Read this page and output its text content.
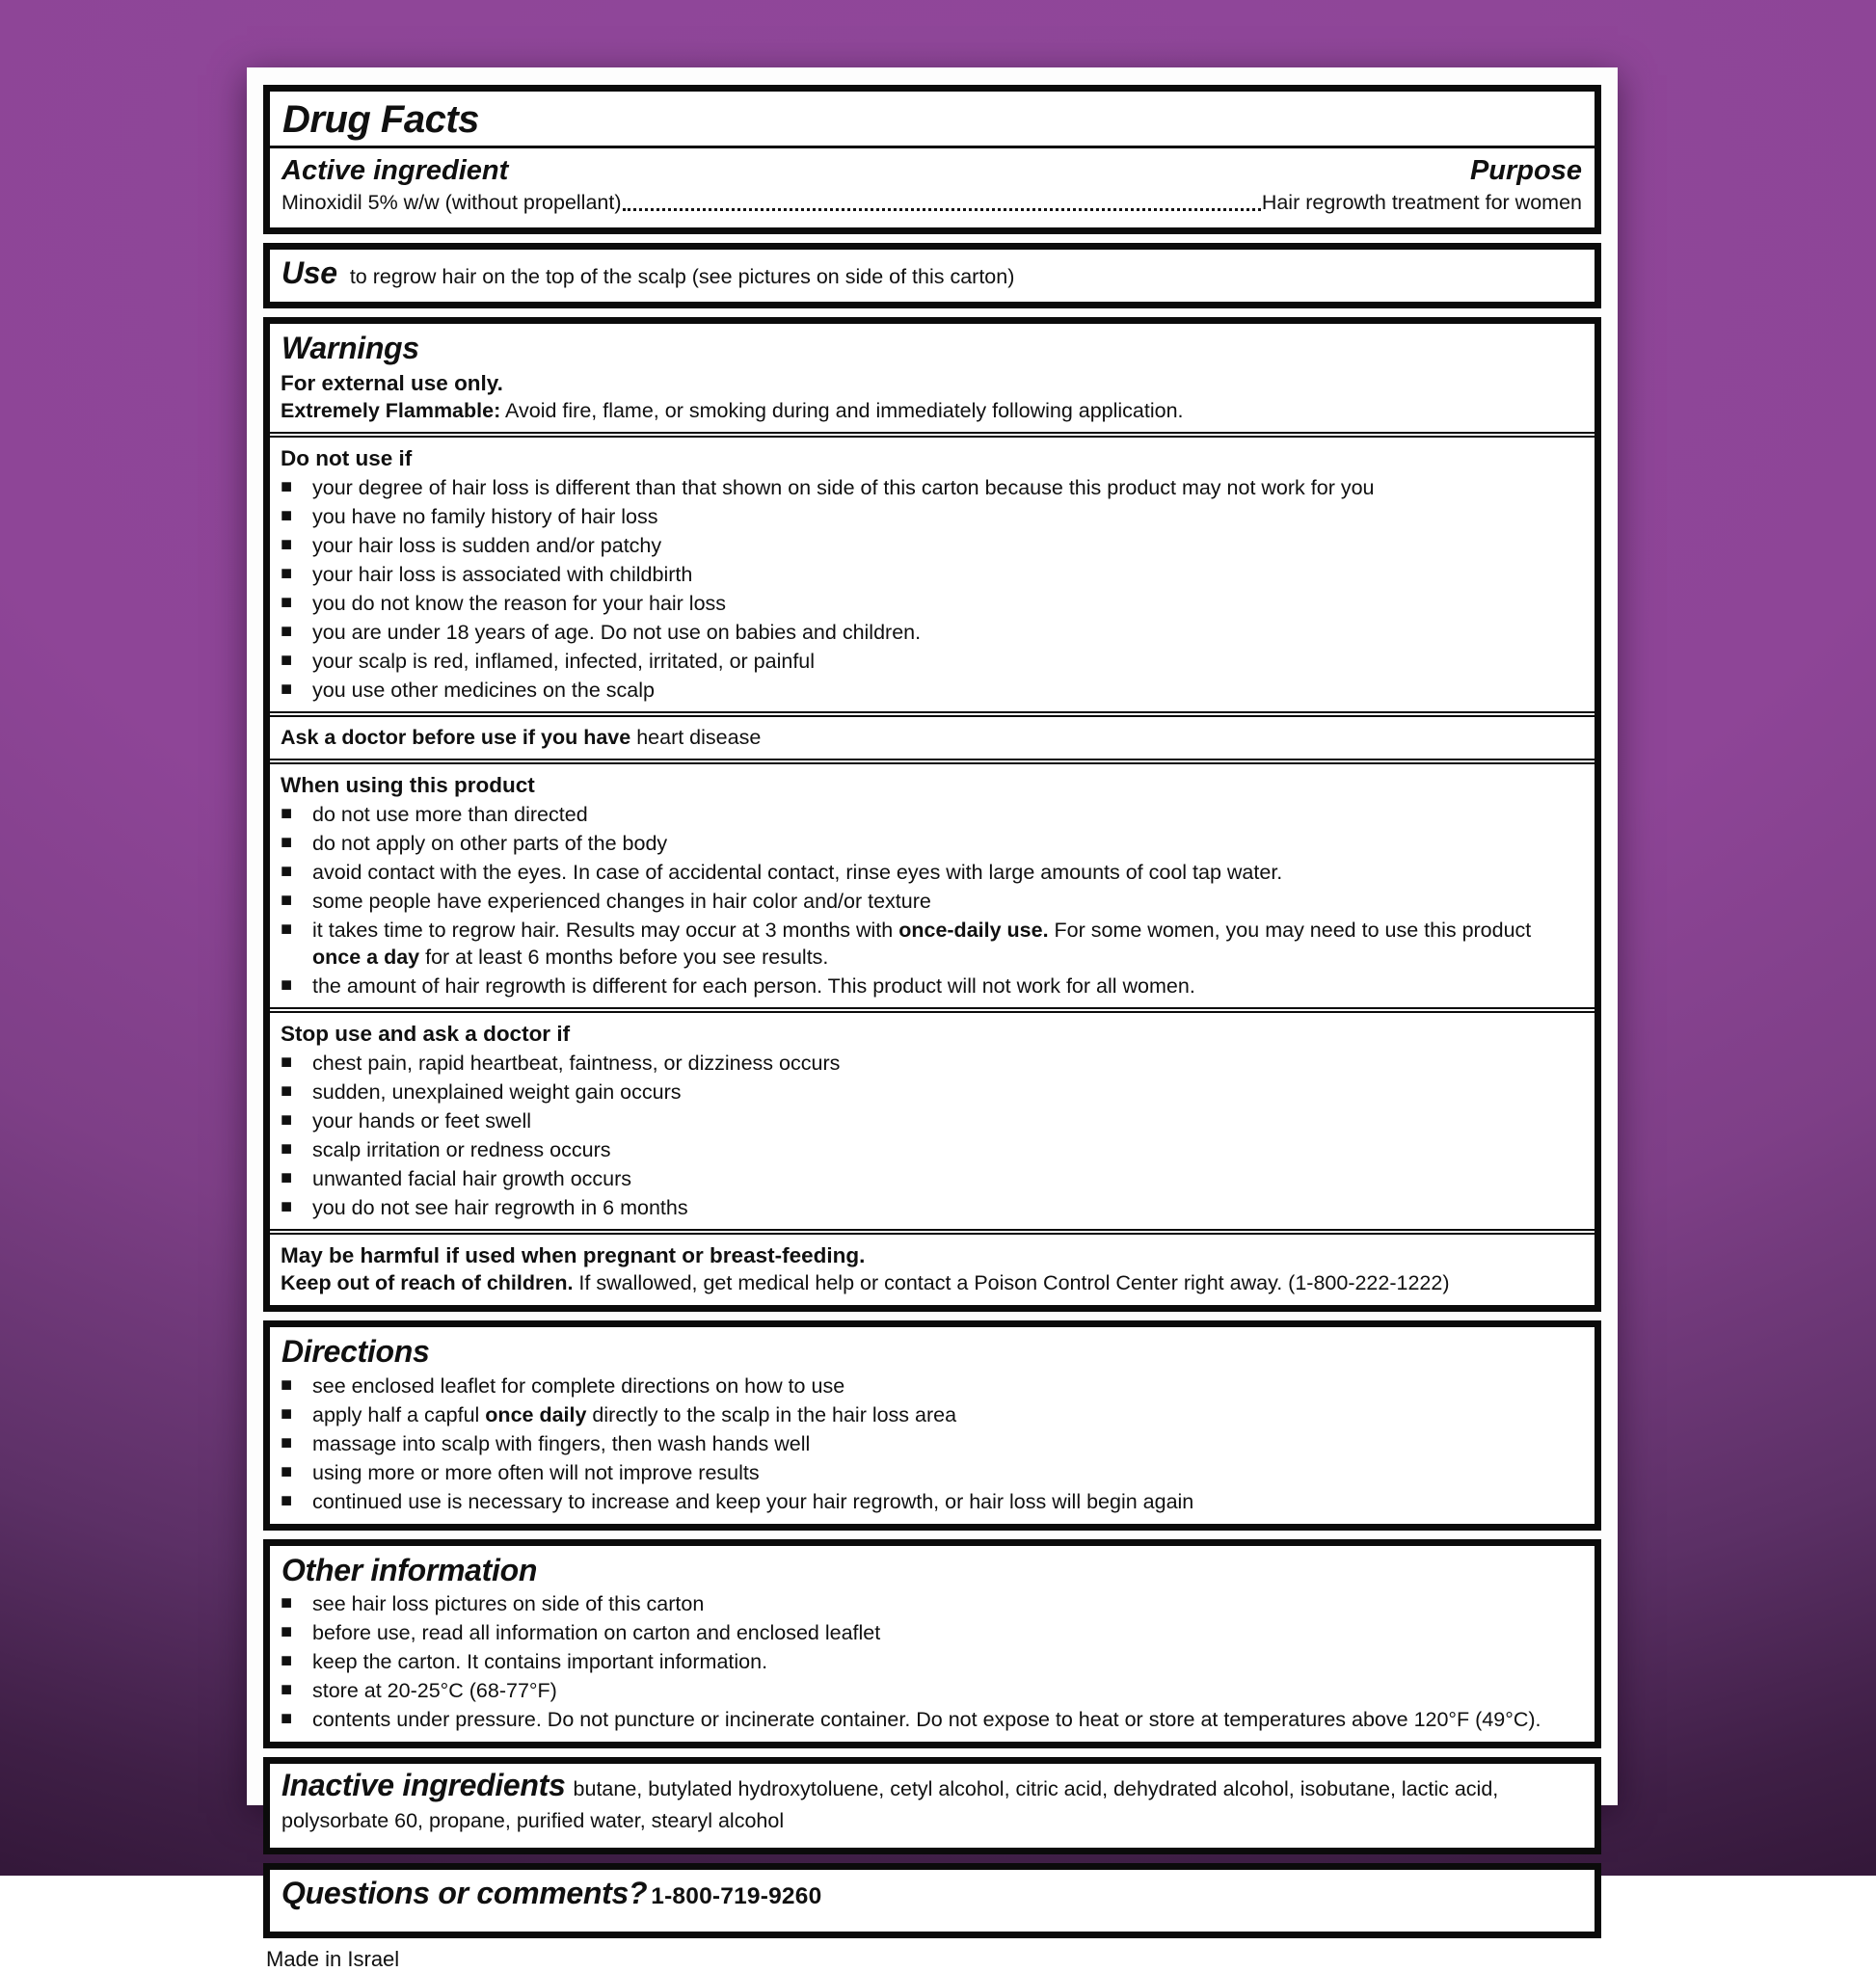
Drug Facts
Active ingredient	Purpose
Minoxidil 5% w/w (without propellant)	Hair regrowth treatment for women
Use to regrow hair on the top of the scalp (see pictures on side of this carton)
Warnings
For external use only.
Extremely Flammable: Avoid fire, flame, or smoking during and immediately following application.
Do not use if
■ your degree of hair loss is different than that shown on side of this carton because this product may not work for you
■ you have no family history of hair loss
■ your hair loss is sudden and/or patchy
■ your hair loss is associated with childbirth
■ you do not know the reason for your hair loss
■ you are under 18 years of age. Do not use on babies and children.
■ your scalp is red, inflamed, infected, irritated, or painful
■ you use other medicines on the scalp
Ask a doctor before use if you have heart disease
When using this product
■ do not use more than directed
■ do not apply on other parts of the body
■ avoid contact with the eyes. In case of accidental contact, rinse eyes with large amounts of cool tap water.
■ some people have experienced changes in hair color and/or texture
■ it takes time to regrow hair. Results may occur at 3 months with once-daily use. For some women, you may need to use this product once a day for at least 6 months before you see results.
■ the amount of hair regrowth is different for each person. This product will not work for all women.
Stop use and ask a doctor if
■ chest pain, rapid heartbeat, faintness, or dizziness occurs
■ sudden, unexplained weight gain occurs
■ your hands or feet swell
■ scalp irritation or redness occurs
■ unwanted facial hair growth occurs
■ you do not see hair regrowth in 6 months
May be harmful if used when pregnant or breast-feeding.
Keep out of reach of children. If swallowed, get medical help or contact a Poison Control Center right away. (1-800-222-1222)
Directions
■ see enclosed leaflet for complete directions on how to use
■ apply half a capful once daily directly to the scalp in the hair loss area
■ massage into scalp with fingers, then wash hands well
■ using more or more often will not improve results
■ continued use is necessary to increase and keep your hair regrowth, or hair loss will begin again
Other information
■ see hair loss pictures on side of this carton
■ before use, read all information on carton and enclosed leaflet
■ keep the carton. It contains important information.
■ store at 20-25°C (68-77°F)
■ contents under pressure. Do not puncture or incinerate container. Do not expose to heat or store at temperatures above 120°F (49°C).

Inactive ingredients butane, butylated hydroxytoluene, cetyl alcohol, citric acid, dehydrated alcohol, isobutane, lactic acid, polysorbate 60, propane, purified water, stearyl alcohol

Questions or comments? 1-800-719-9260
Made in Israel
